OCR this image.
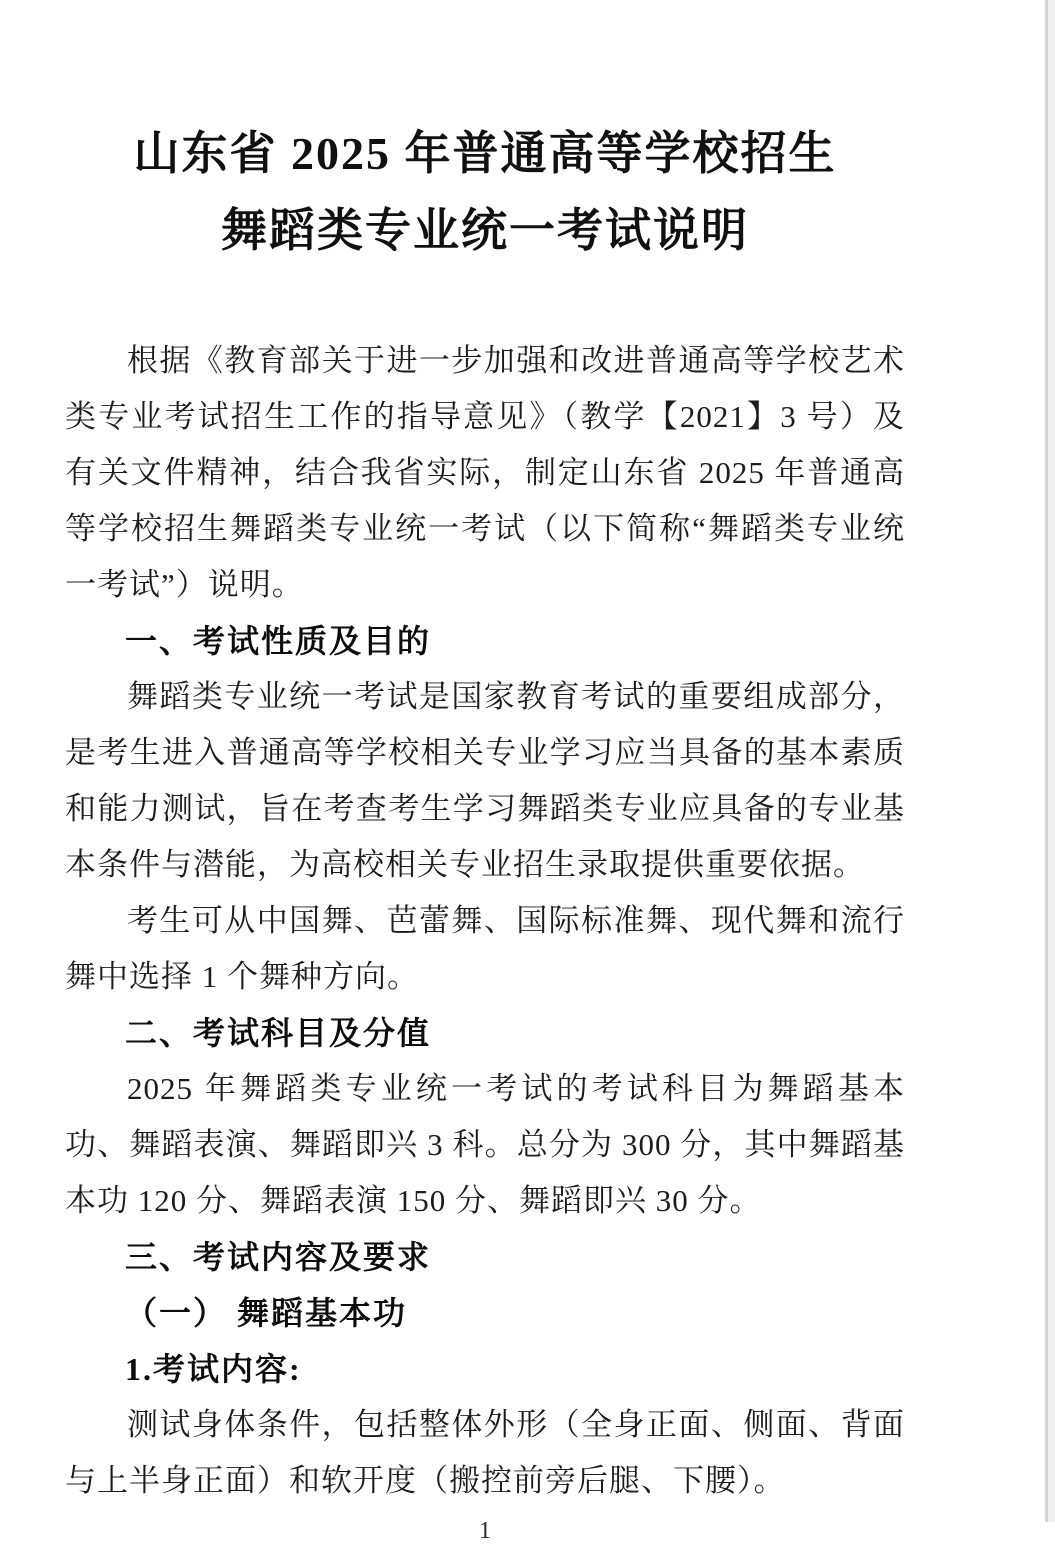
山东省 2025 年普通高等学校招生
舞蹈类专业统一考试说明

根据《教育部关于进一步加强和改进普通高等学校艺术类专业考试招生工作的指导意见》（教学【2021】3 号）及有关文件精神，结合我省实际，制定山东省 2025 年普通高等学校招生舞蹈类专业统一考试（以下简称“舞蹈类专业统一考试”）说明。

一、考试性质及目的

舞蹈类专业统一考试是国家教育考试的重要组成部分，是考生进入普通高等学校相关专业学习应当具备的基本素质和能力测试，旨在考查考生学习舞蹈类专业应具备的专业基本条件与潜能，为高校相关专业招生录取提供重要依据。

考生可从中国舞、芭蕾舞、国际标准舞、现代舞和流行舞中选择 1 个舞种方向。

二、考试科目及分值

2025 年舞蹈类专业统一考试的考试科目为舞蹈基本功、舞蹈表演、舞蹈即兴 3 科。总分为 300 分，其中舞蹈基本功 120 分、舞蹈表演 150 分、舞蹈即兴 30 分。

三、考试内容及要求
（一） 舞蹈基本功
1.考试内容:

测试身体条件，包括整体外形（全身正面、侧面、背面与上半身正面）和软开度（搬控前旁后腿、下腰）。

1
